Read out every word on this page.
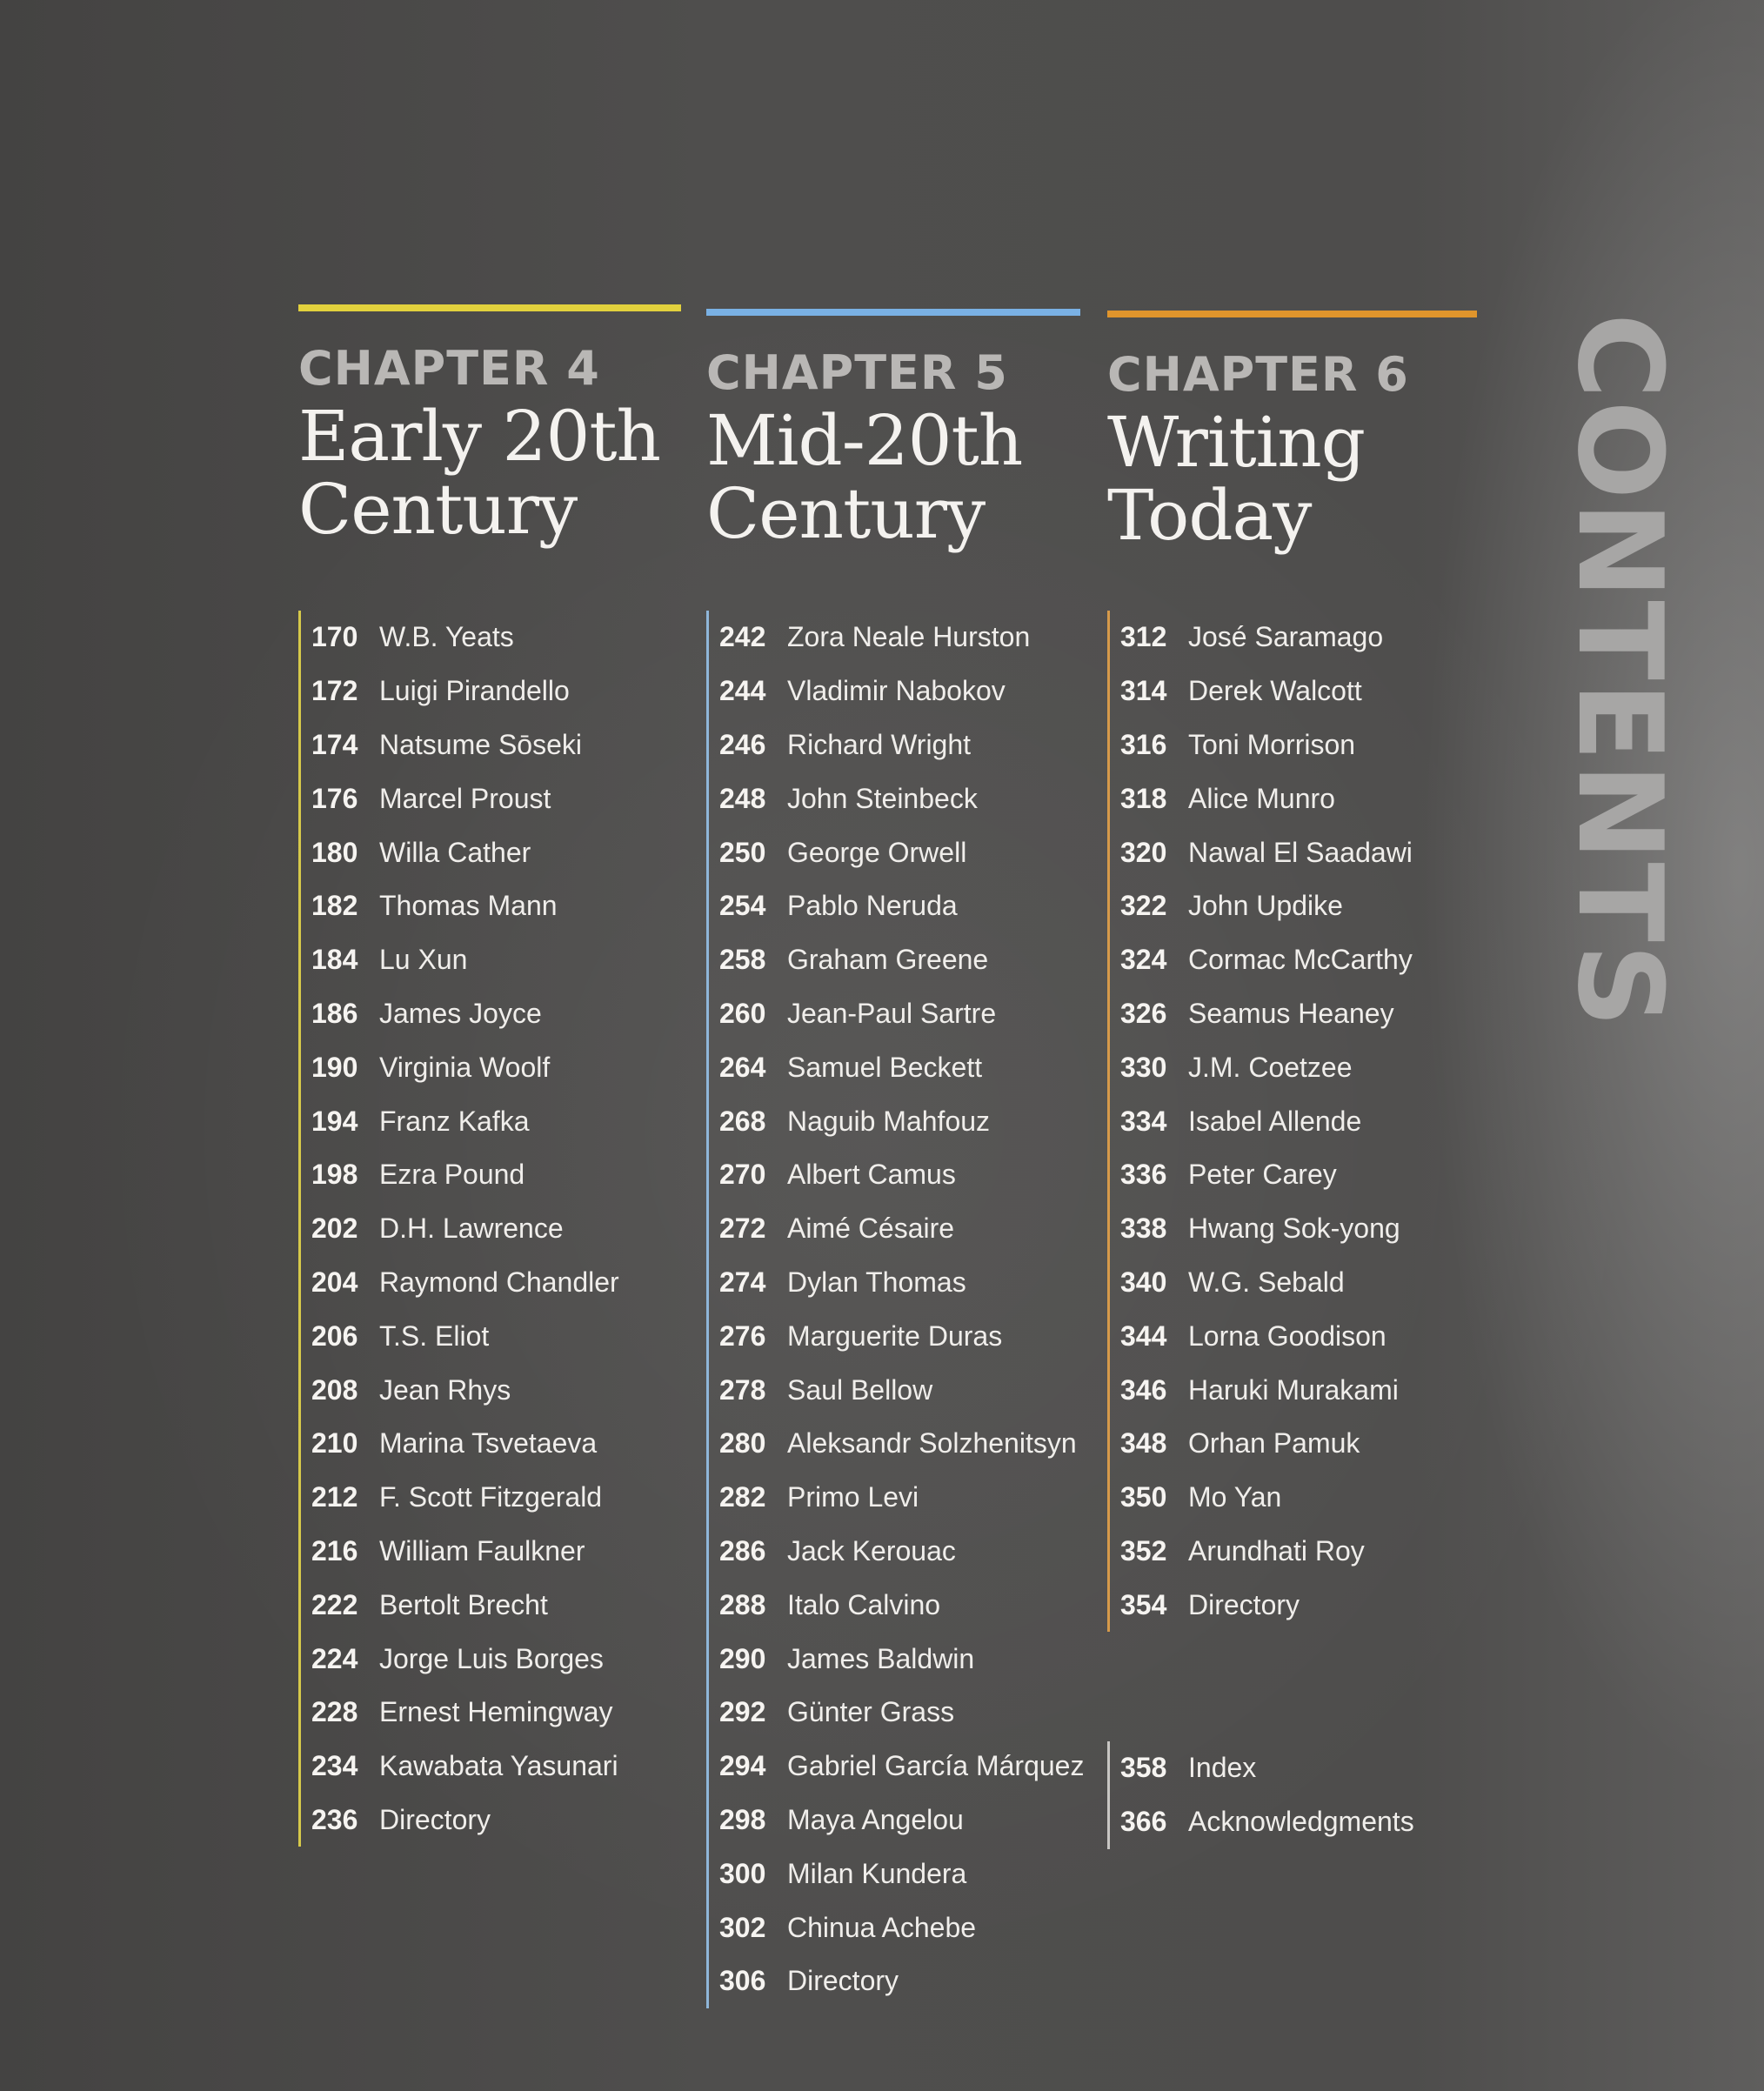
CHAPTER 4
Early 20th
Century
170 W.B. Yeats
172 Luigi Pirandello
174 Natsume Sōseki
176 Marcel Proust
180 Willa Cather
182 Thomas Mann
184 Lu Xun
186 James Joyce
190 Virginia Woolf
194 Franz Kafka
198 Ezra Pound
202 D.H. Lawrence
204 Raymond Chandler
206 T.S. Eliot
208 Jean Rhys
210 Marina Tsvetaeva
212 F. Scott Fitzgerald
216 William Faulkner
222 Bertolt Brecht
224 Jorge Luis Borges
228 Ernest Hemingway
234 Kawabata Yasunari
236 Directory
CHAPTER 5
Mid-20th
Century
242 Zora Neale Hurston
244 Vladimir Nabokov
246 Richard Wright
248 John Steinbeck
250 George Orwell
254 Pablo Neruda
258 Graham Greene
260 Jean-Paul Sartre
264 Samuel Beckett
268 Naguib Mahfouz
270 Albert Camus
272 Aimé Césaire
274 Dylan Thomas
276 Marguerite Duras
278 Saul Bellow
280 Aleksandr Solzhenitsyn
282 Primo Levi
286 Jack Kerouac
288 Italo Calvino
290 James Baldwin
292 Günter Grass
294 Gabriel García Márquez
298 Maya Angelou
300 Milan Kundera
302 Chinua Achebe
306 Directory
CHAPTER 6
Writing
Today
312 José Saramago
314 Derek Walcott
316 Toni Morrison
318 Alice Munro
320 Nawal El Saadawi
322 John Updike
324 Cormac McCarthy
326 Seamus Heaney
330 J.M. Coetzee
334 Isabel Allende
336 Peter Carey
338 Hwang Sok-yong
340 W.G. Sebald
344 Lorna Goodison
346 Haruki Murakami
348 Orhan Pamuk
350 Mo Yan
352 Arundhati Roy
354 Directory
358 Index
366 Acknowledgments
CONTENTS
